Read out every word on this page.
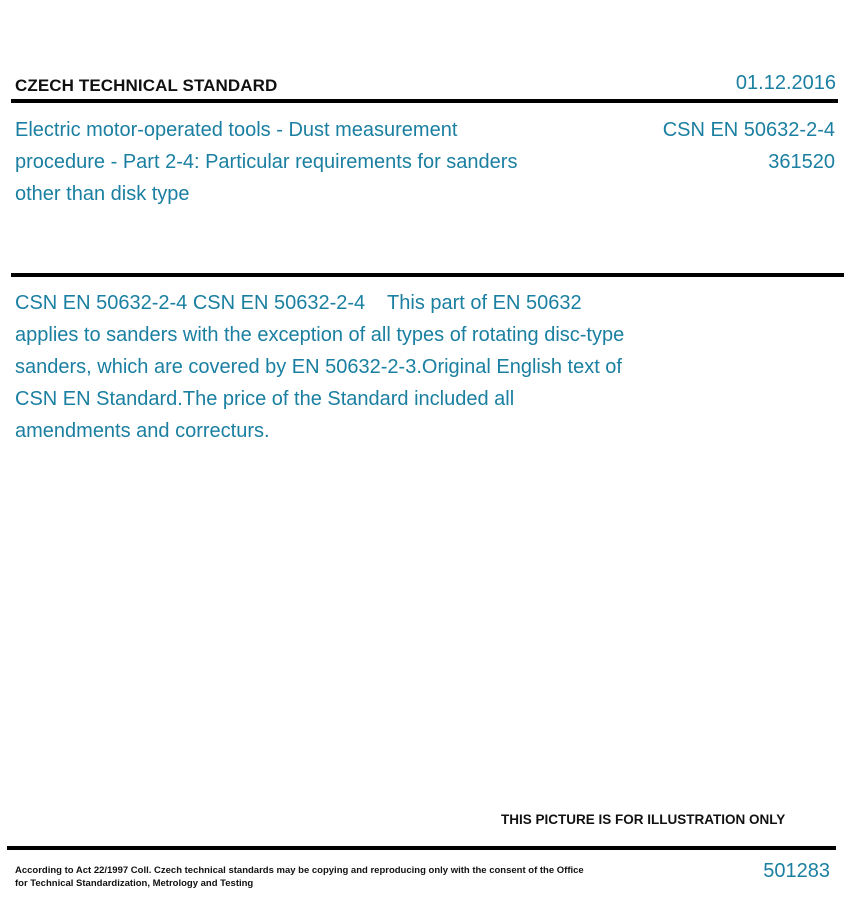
CZECH TECHNICAL STANDARD	01.12.2016
Electric motor-operated tools - Dust measurement procedure - Part 2-4: Particular requirements for sanders other than disk type
CSN EN 50632-2-4
361520
CSN EN 50632-2-4 CSN EN 50632-2-4    This part of EN 50632 applies to sanders with the exception of all types of rotating disc-type sanders, which are covered by EN 50632-2-3.Original English text of CSN EN Standard.The price of the Standard included all amendments and correcturs.
THIS PICTURE IS FOR ILLUSTRATION ONLY
According to Act 22/1997 Coll. Czech technical standards may be copying and reproducing only with the consent of the Office for Technical Standardization, Metrology and Testing
501283
